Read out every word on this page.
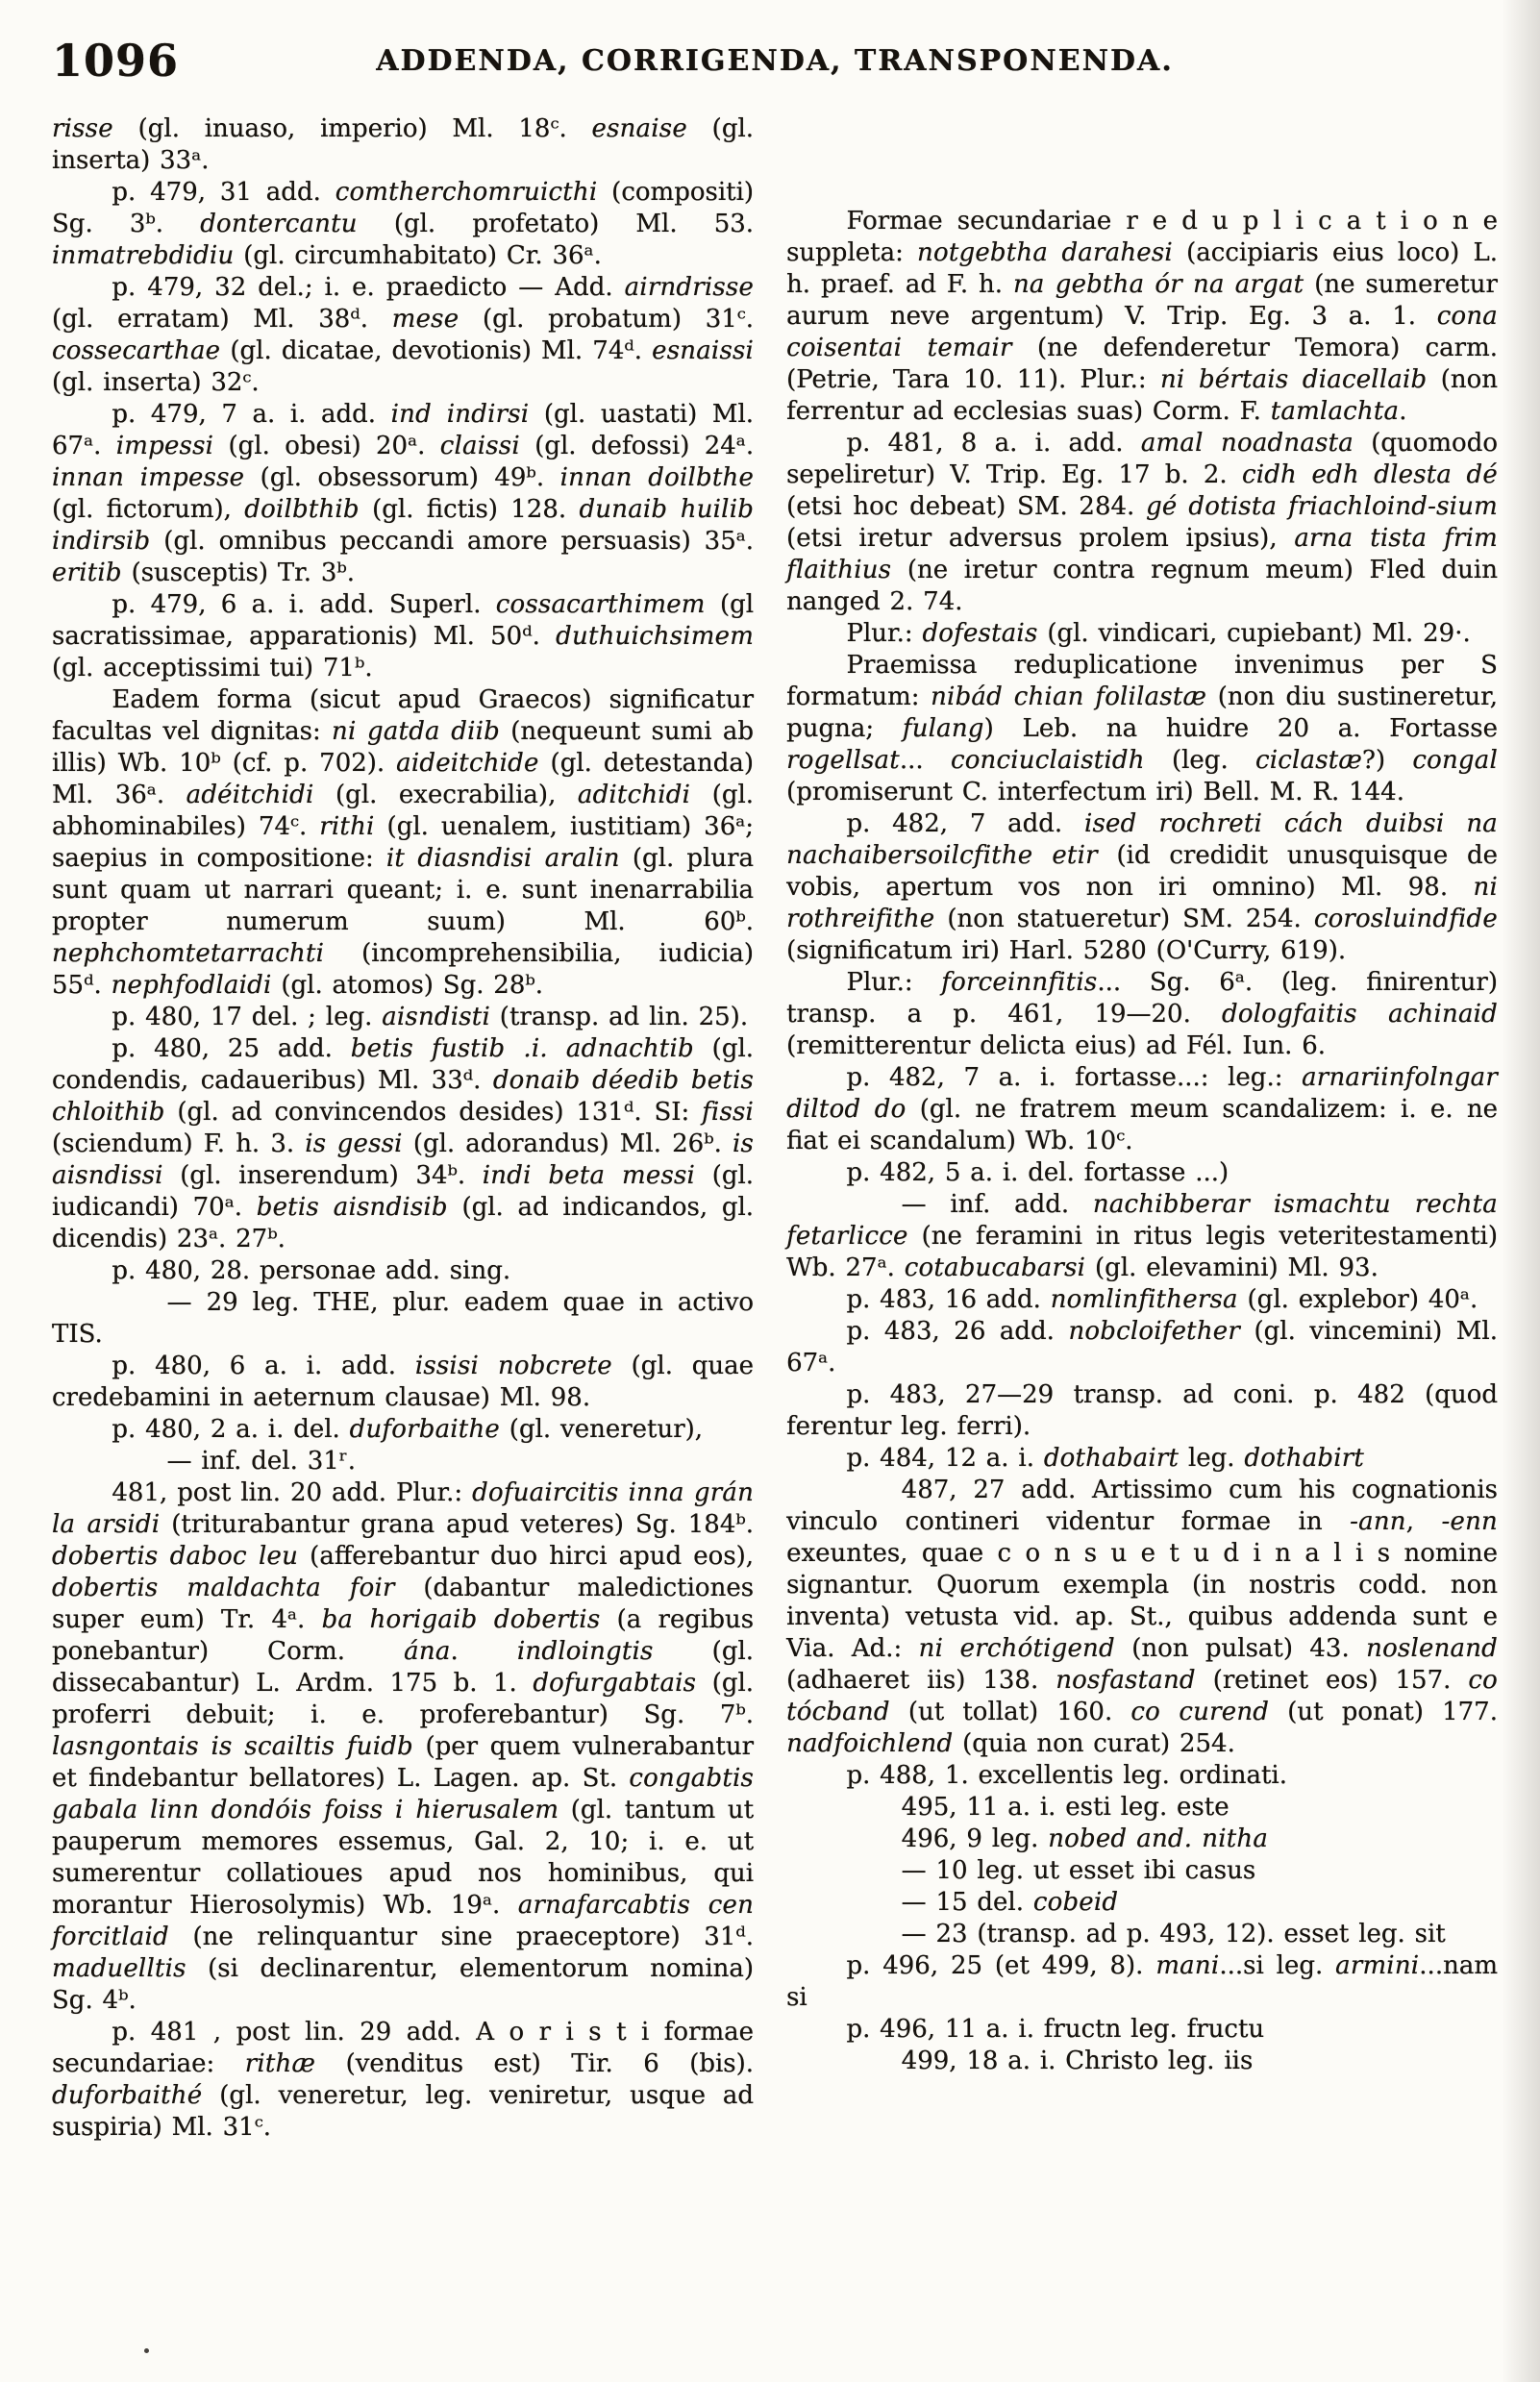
1096	ADDENDA, CORRIGENDA, TRANSPONENDA.

risse (gl. inuaso, imperio) Ml. 18ᶜ. esnaise (gl. inserta) 33ᵃ.

p. 479, 31 add. comtherchomruicthi (compositi) Sg. 3ᵇ. dontercantu (gl. profetato) Ml. 53. inmatrebdidiu (gl. circumhabitato) Cr. 36ᵃ.

p. 479, 32 del.; i. e. praedicto — Add. airndrisse (gl. erratam) Ml. 38ᵈ. mese (gl. probatum) 31ᶜ. cossecarthae (gl. dicatae, devotionis) Ml. 74ᵈ. esnaissi (gl. inserta) 32ᶜ.

p. 479, 7 a. i. add. ind indirsi (gl. uastati) Ml. 67ᵃ. impessi (gl. obesi) 20ᵃ. claissi (gl. defossi) 24ᵃ. innan impesse (gl. obsessorum) 49ᵇ. innan doilbthe (gl. fictorum), doilbthib (gl. fictis) 128. dunaib huilib indirsib (gl. omnibus peccandi amore persuasis) 35ᵃ. eritib (susceptis) Tr. 3ᵇ.

p. 479, 6 a. i. add. Superl. cossacarthimem (gl sacratissimae, apparationis) Ml. 50ᵈ. duthuichsimem (gl. acceptissimi tui) 71ᵇ.

Eadem forma (sicut apud Graecos) significatur facultas vel dignitas: ni gatda diib (nequeunt sumi ab illis) Wb. 10ᵇ (cf. p. 702). aideitchide (gl. detestanda) Ml. 36ᵃ. adéitchidi (gl. execrabilia), aditchidi (gl. abhominabiles) 74ᶜ. rithi (gl. uenalem, iustitiam) 36ᵃ; saepius in compositione: it diasndisi aralin (gl. plura sunt quam ut narrari queant; i. e. sunt inenarrabilia propter numerum suum) Ml. 60ᵇ. nephchomtetarrachti (incomprehensibilia, iudicia) 55ᵈ. nephfodlaidi (gl. atomos) Sg. 28ᵇ.

p. 480, 17 del. ; leg. aisndisti (transp. ad lin. 25).

p. 480, 25 add. betis fustib .i. adnachtib (gl. condendis, cadaueribus) Ml. 33ᵈ. donaib déedib betis chloithib (gl. ad convincendos desides) 131ᵈ. SI: fissi (sciendum) F. h. 3. is gessi (gl. adorandus) Ml. 26ᵇ. is aisndissi (gl. inserendum) 34ᵇ. indi beta messi (gl. iudicandi) 70ᵃ. betis aisndisib (gl. ad indicandos, gl. dicendis) 23ᵃ. 27ᵇ.

p. 480, 28. personae add. sing.

— 29 leg. THE, plur. eadem quae in activo TIS.

p. 480, 6 a. i. add. issisi nobcrete (gl. quae credebamini in aeternum clausae) Ml. 98.

p. 480, 2 a. i. del. duforbaithe (gl. veneretur),

— inf. del. 31ʳ.

481, post lin. 20 add. Plur.: dofuaircitis inna grán la arsidi (triturabantur grana apud veteres) Sg. 184ᵇ. dobertis daboc leu (afferebantur duo hirci apud eos), dobertis maldachta foir (dabantur maledictiones super eum) Tr. 4ᵃ. ba horigaib dobertis (a regibus ponebantur) Corm. ána. indloingtis (gl. dissecabantur) L. Ardm. 175 b. 1. dofurgabtais (gl. proferri debuit; i. e. proferebantur) Sg. 7ᵇ. lasngontais is scailtis fuidb (per quem vulnerabantur et findebantur bellatores) L. Lagen. ap. St. congabtis gabala linn dondóis foiss i hierusalem (gl. tantum ut pauperum memores essemus, Gal. 2, 10; i. e. ut sumerentur collatioues apud nos hominibus, qui morantur Hierosolymis) Wb. 19ᵃ. arnafarcabtis cen forcitlaid (ne relinquantur sine praeceptore) 31ᵈ. maduelltis (si declinarentur, elementorum nomina) Sg. 4ᵇ.

p. 481 , post lin. 29 add. A o r i s t i formae secundariae: rithæ (venditus est) Tir. 6 (bis). duforbaithé (gl. veneretur, leg. veniretur, usque ad suspiria) Ml. 31ᶜ.

Formae secundariae r e d u p l i c a t i o n e suppleta: notgebtha darahesi (accipiaris eius loco) L. h. praef. ad F. h. na gebtha ór na argat (ne sumeretur aurum neve argentum) V. Trip. Eg. 3 a. 1. cona coisentai temair (ne defenderetur Temora) carm. (Petrie, Tara 10. 11). Plur.: ni bértais diacellaib (non ferrentur ad ecclesias suas) Corm. F. tamlachta.

p. 481, 8 a. i. add. amal noadnasta (quomodo sepeliretur) V. Trip. Eg. 17 b. 2. cidh edh dlesta dé (etsi hoc debeat) SM. 284. gé dotista friachloind-sium (etsi iretur adversus prolem ipsius), arna tista frim flaithius (ne iretur contra regnum meum) Fled duin nanged 2. 74.

Plur.: dofestais (gl. vindicari, cupiebant) Ml. 29·.

Praemissa reduplicatione invenimus per S formatum: nibád chian folilastæ (non diu sustineretur, pugna; fulang) Leb. na huidre 20 a. Fortasse rogellsat... conciuclaistidh (leg. ciclastæ?) congal (promiserunt C. interfectum iri) Bell. M. R. 144.

p. 482, 7 add. ised rochreti cách duibsi na nachaibersoilcfithe etir (id credidit unusquisque de vobis, apertum vos non iri omnino) Ml. 98. ni rothreifithe (non statueretur) SM. 254. corosluindfide (significatum iri) Harl. 5280 (O'Curry, 619).

Plur.: forceinnfitis... Sg. 6ᵃ. (leg. finirentur) transp. a p. 461, 19—20. dologfaitis achinaid (remitterentur delicta eius) ad Fél. Iun. 6.

p. 482, 7 a. i. fortasse...: leg.: arnariinfolngar diltod do (gl. ne fratrem meum scandalizem: i. e. ne fiat ei scandalum) Wb. 10ᶜ.

p. 482, 5 a. i. del. fortasse ...)

— inf. add. nachibberar ismachtu rechta fetarlicce (ne feramini in ritus legis veteritestamenti) Wb. 27ᵃ. cotabucabarsi (gl. elevamini) Ml. 93.

p. 483, 16 add. nomlinfithersa (gl. explebor) 40ᵃ.

p. 483, 26 add. nobcloifether (gl. vincemini) Ml. 67ᵃ.

p. 483, 27—29 transp. ad coni. p. 482 (quod ferentur leg. ferri).

p. 484, 12 a. i. dothabairt leg. dothabirt

487, 27 add. Artissimo cum his cognationis vinculo contineri videntur formae in -ann, -enn exeuntes, quae c o n s u e t u d i n a l i s nomine signantur. Quorum exempla (in nostris codd. non inventa) vetusta vid. ap. St., quibus addenda sunt e Via. Ad.: ni erchótigend (non pulsat) 43. noslenand (adhaeret iis) 138. nosfastand (retinet eos) 157. co tócband (ut tollat) 160. co curend (ut ponat) 177. nadfoichlend (quia non curat) 254.

p. 488, 1. excellentis leg. ordinati.

495, 11 a. i. esti leg. este

496, 9 leg. nobed and. nitha

— 10 leg. ut esset ibi casus

— 15 del. cobeid

— 23 (transp. ad p. 493, 12). esset leg. sit

p. 496, 25 (et 499, 8). mani...si leg. armini...nam si

p. 496, 11 a. i. fructn leg. fructu

499, 18 a. i. Christo leg. iis
